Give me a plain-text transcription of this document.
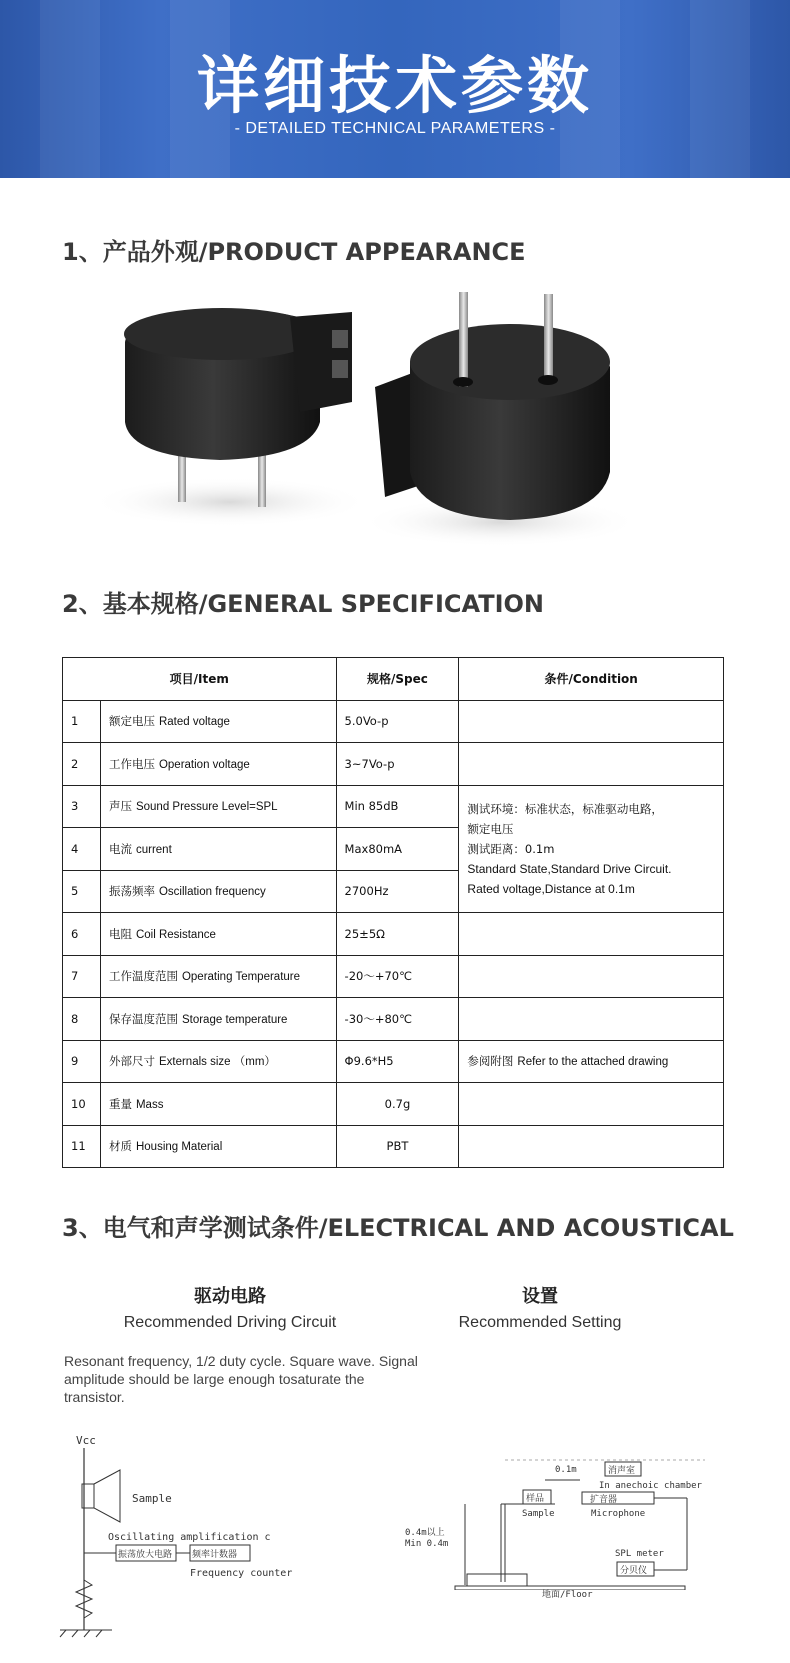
详细技术参数
- DETAILED TECHNICAL PARAMETERS -
1、产品外观/PRODUCT APPEARANCE
2、基本规格/GENERAL SPECIFICATION
项目/Item		规格/Spec	条件/Condition
1	额定电压 Rated voltage	5.0Vo-p	
2	工作电压 Operation voltage	3~7Vo-p	
3	声压 Sound Pressure Level=SPL	Min 85dB	测试环境：标准状态，标准驱动电路，
额定电压
测试距离：0.1m
Standard State,Standard Drive Circuit.
Rated voltage,Distance at 0.1m

4	电流 current	Max80mA	
5	振荡频率 Oscillation frequency	2700Hz	
6	电阻 Coil Resistance	25±5Ω	
7	工作温度范围 Operating Temperature	-20～+70℃	
8	保存温度范围 Storage temperature	-30～+80℃	
9	外部尺寸 Externals size （mm）	Φ9.6*H5	参阅附图 Refer to the attached drawing
10	重量 Mass	0.7g	
11	材质 Housing Material	PBT	
3、电气和声学测试条件/ELECTRICAL AND ACOUSTICAL
驱动电路
Recommended Driving Circuit
设置
Recommended Setting
Resonant frequency, 1/2 duty cycle. Square wave. Signal amplitude should be large enough tosaturate the transistor.
Vcc
Sample
Oscillating amplification c
振荡放大电路 频率计数器
Frequency counter
0.1m	消声室
In anechoic chamber
样品
Sample
扩音器
Microphone
SPL meter
分贝仪
0.4m以上
Min 0.4m
地面/Floor
